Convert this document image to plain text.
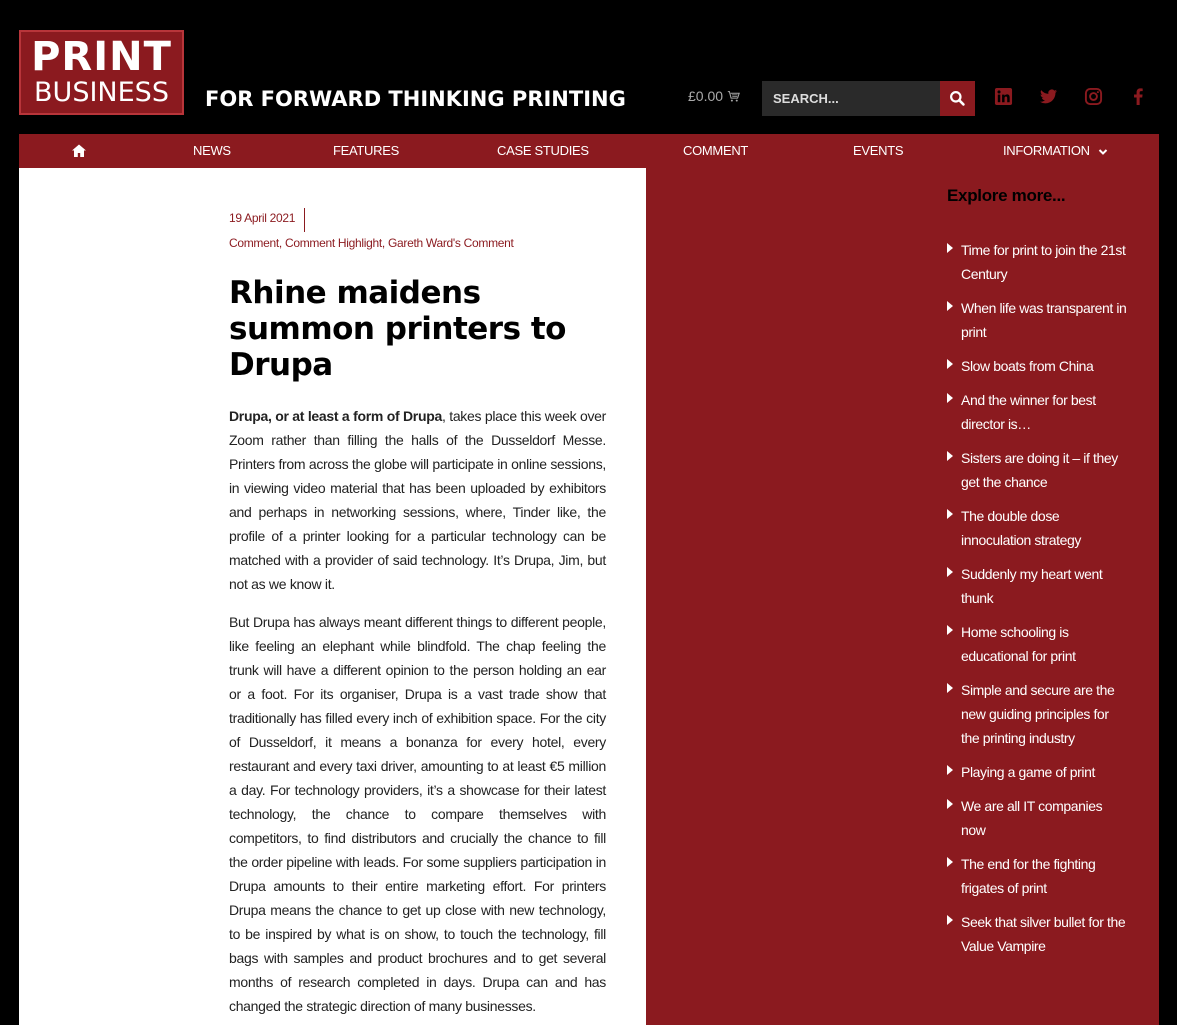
PRINT
BUSINESS	FOR FORWARD THINKING PRINTING	£0.00
SEARCH...
NEWS	FEATURES	CASE STUDIES	COMMENT	EVENTS	INFORMATION
19 April 2021
Comment, Comment Highlight, Gareth Ward's Comment
Rhine maidens summon printers to Drupa

Drupa, or at least a form of Drupa, takes place this week over Zoom rather than filling the halls of the Dusseldorf Messe. Printers from across the globe will participate in online sessions, in viewing video material that has been uploaded by exhibitors and perhaps in networking sessions, where, Tinder like, the profile of a printer looking for a particular technology can be matched with a provider of said technology. It’s Drupa, Jim, but not as we know it.

But Drupa has always meant different things to different people, like feeling an elephant while blindfold. The chap feeling the trunk will have a different opinion to the person holding an ear or a foot. For its organiser, Drupa is a vast trade show that traditionally has filled every inch of exhibition space. For the city of Dusseldorf, it means a bonanza for every hotel, every restaurant and every taxi driver, amounting to at least €5 million a day. For technology providers, it’s a showcase for their latest technology, the chance to compare themselves with competitors, to find distributors and crucially the chance to fill the order pipeline with leads. For some suppliers participation in Drupa amounts to their entire marketing effort. For printers Drupa means the chance to get up close with new technology, to be inspired by what is on show, to touch the technology, fill bags with samples and product brochures and to get several months of research completed in days. Drupa can and has changed the strategic direction of many businesses.

Explore more...
Time for print to join the 21st Century
When life was transparent in print
Slow boats from China
And the winner for best director is…
Sisters are doing it – if they get the chance
The double dose innoculation strategy
Suddenly my heart went thunk
Home schooling is educational for print
Simple and secure are the new guiding principles for the printing industry
Playing a game of print
We are all IT companies now
The end for the fighting frigates of print
Seek that silver bullet for the Value Vampire
